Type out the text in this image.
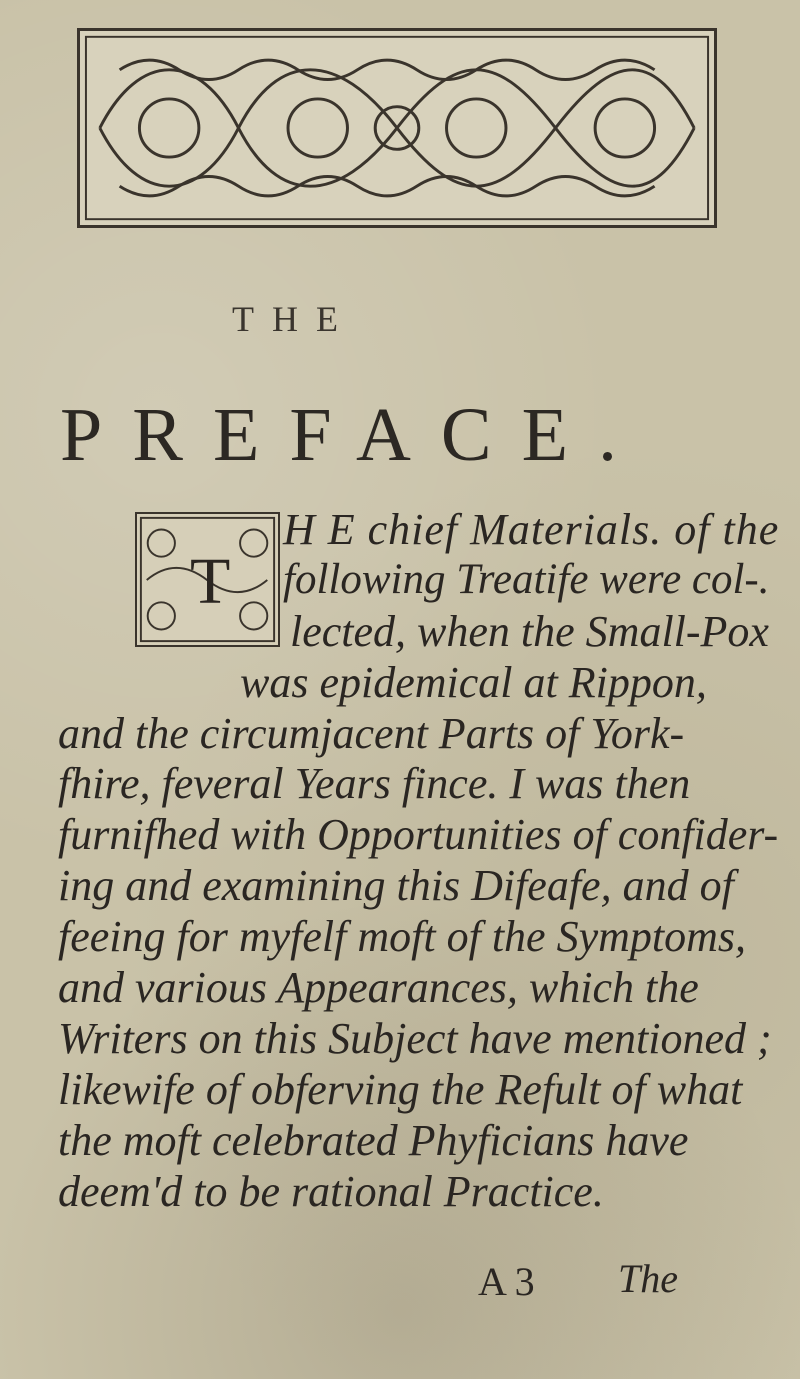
THE
PREFACE.
T
H E chief Materials. of the
following Treatife were col-.
lected, when the Small-Pox
was epidemical at Rippon,
and the circumjacent Parts of York-
fhire, feveral Years fince. I was then
furnifhed with Opportunities of confider-
ing and examining this Difeafe, and of
feeing for myfelf moft of the Symptoms,
and various Appearances, which the
Writers on this Subject have mentioned ;
likewife of obferving the Refult of what
the moft celebrated Phyficians have
deem'd to be rational Practice.
A 3 The
